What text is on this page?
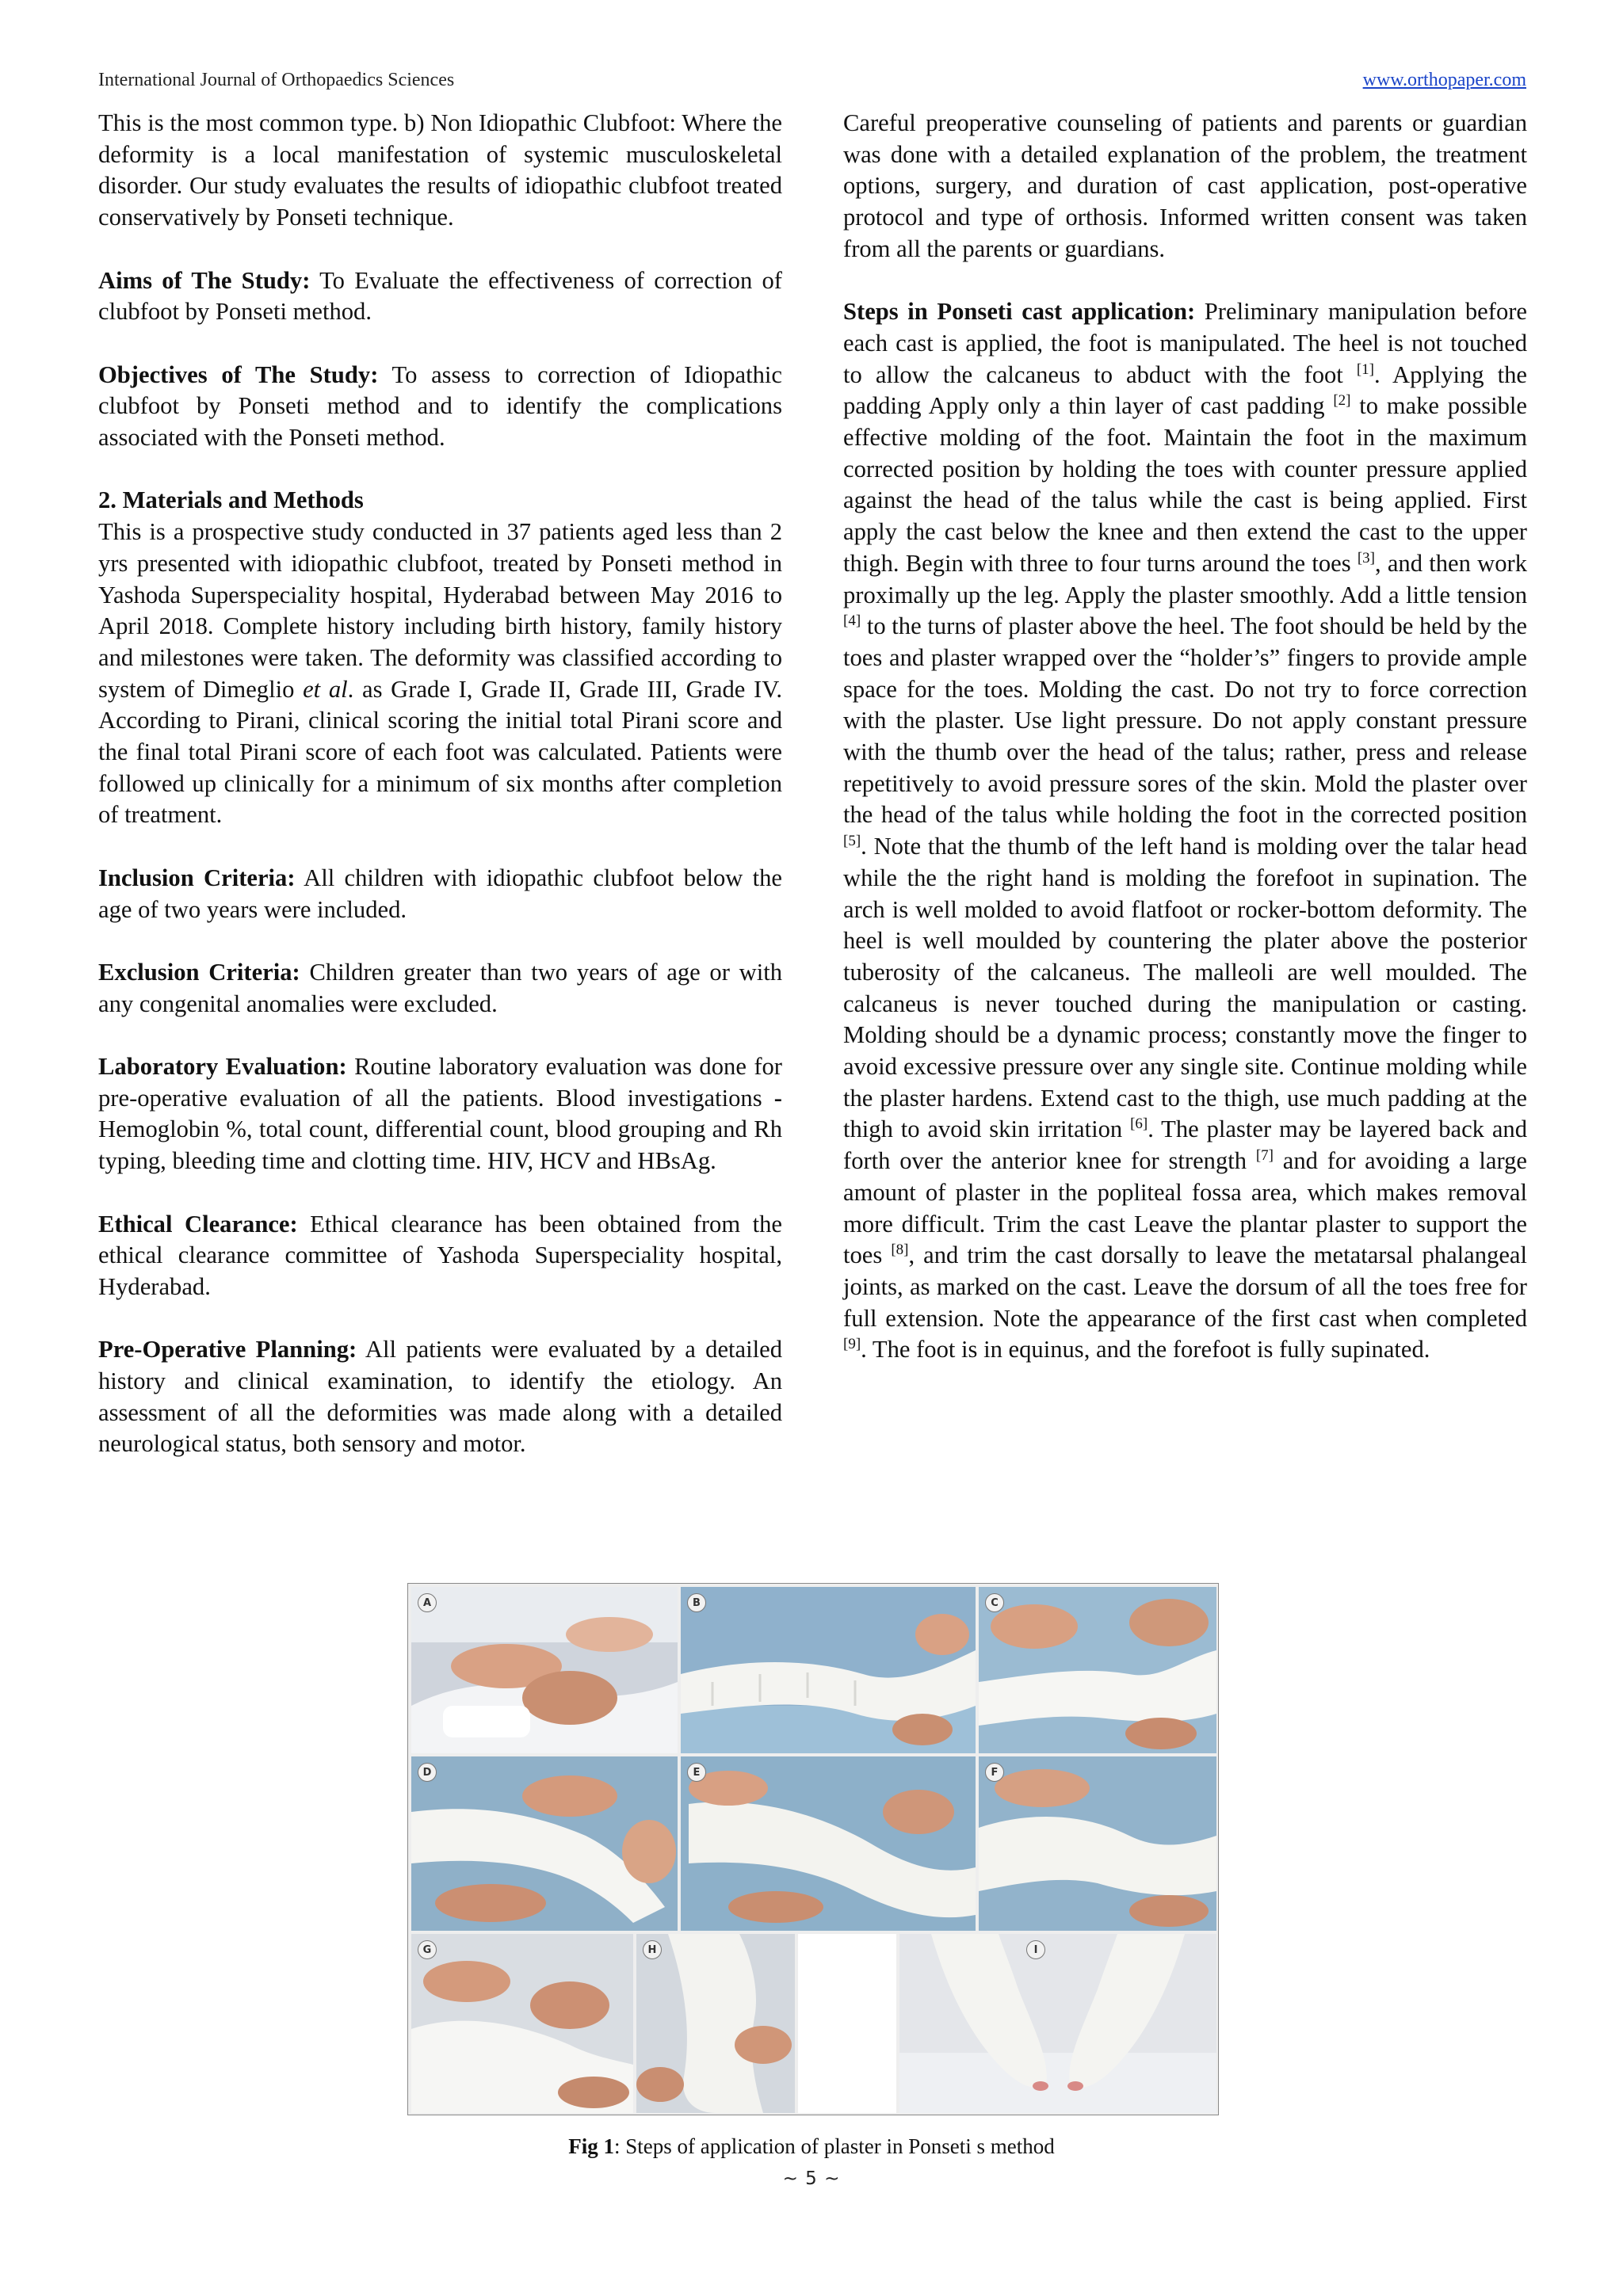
International Journal of Orthopaedics Sciences	www.orthopaper.com

This is the most common type. b) Non Idiopathic Clubfoot: Where the deformity is a local manifestation of systemic musculoskeletal disorder. Our study evaluates the results of idiopathic clubfoot treated conservatively by Ponseti technique.

Aims of The Study: To Evaluate the effectiveness of correction of clubfoot by Ponseti method.

Objectives of The Study: To assess to correction of Idiopathic clubfoot by Ponseti method and to identify the complications associated with the Ponseti method.

2. Materials and Methods

This is a prospective study conducted in 37 patients aged less than 2 yrs presented with idiopathic clubfoot, treated by Ponseti method in Yashoda Superspeciality hospital, Hyderabad between May 2016 to April 2018. Complete history including birth history, family history and milestones were taken. The deformity was classified according to system of Dimeglio et al. as Grade I, Grade II, Grade III, Grade IV. According to Pirani, clinical scoring the initial total Pirani score and the final total Pirani score of each foot was calculated. Patients were followed up clinically for a minimum of six months after completion of treatment.

Inclusion Criteria: All children with idiopathic clubfoot below the age of two years were included.

Exclusion Criteria: Children greater than two years of age or with any congenital anomalies were excluded.

Laboratory Evaluation: Routine laboratory evaluation was done for pre-operative evaluation of all the patients. Blood investigations - Hemoglobin %, total count, differential count, blood grouping and Rh typing, bleeding time and clotting time. HIV, HCV and HBsAg.

Ethical Clearance: Ethical clearance has been obtained from the ethical clearance committee of Yashoda Superspeciality hospital, Hyderabad.

Pre-Operative Planning: All patients were evaluated by a detailed history and clinical examination, to identify the etiology. An assessment of all the deformities was made along with a detailed neurological status, both sensory and motor.

Careful preoperative counseling of patients and parents or guardian was done with a detailed explanation of the problem, the treatment options, surgery, and duration of cast application, post-operative protocol and type of orthosis. Informed written consent was taken from all the parents or guardians.

Steps in Ponseti cast application: Preliminary manipulation before each cast is applied, the foot is manipulated. The heel is not touched to allow the calcaneus to abduct with the foot [1]. Applying the padding Apply only a thin layer of cast padding [2] to make possible effective molding of the foot. Maintain the foot in the maximum corrected position by holding the toes with counter pressure applied against the head of the talus while the cast is being applied. First apply the cast below the knee and then extend the cast to the upper thigh. Begin with three to four turns around the toes [3], and then work proximally up the leg. Apply the plaster smoothly. Add a little tension [4] to the turns of plaster above the heel. The foot should be held by the toes and plaster wrapped over the “holder’s” fingers to provide ample space for the toes. Molding the cast. Do not try to force correction with the plaster. Use light pressure. Do not apply constant pressure with the thumb over the head of the talus; rather, press and release repetitively to avoid pressure sores of the skin. Mold the plaster over the head of the talus while holding the foot in the corrected position [5]. Note that the thumb of the left hand is molding over the talar head while the the right hand is molding the forefoot in supination. The arch is well molded to avoid flatfoot or rocker-bottom deformity. The heel is well moulded by countering the plater above the posterior tuberosity of the calcaneus. The malleoli are well moulded. The calcaneus is never touched during the manipulation or casting. Molding should be a dynamic process; constantly move the finger to avoid excessive pressure over any single site. Continue molding while the plaster hardens. Extend cast to the thigh, use much padding at the thigh to avoid skin irritation [6]. The plaster may be layered back and forth over the anterior knee for strength [7] and for avoiding a large amount of plaster in the popliteal fossa area, which makes removal more difficult. Trim the cast Leave the plantar plaster to support the toes [8], and trim the cast dorsally to leave the metatarsal phalangeal joints, as marked on the cast. Leave the dorsum of all the toes free for full extension. Note the appearance of the first cast when completed [9]. The foot is in equinus, and the forefoot is fully supinated.

A	B	C
D	E	F
G	H	I
Fig 1: Steps of application of plaster in Ponseti s method
~ 5 ~
